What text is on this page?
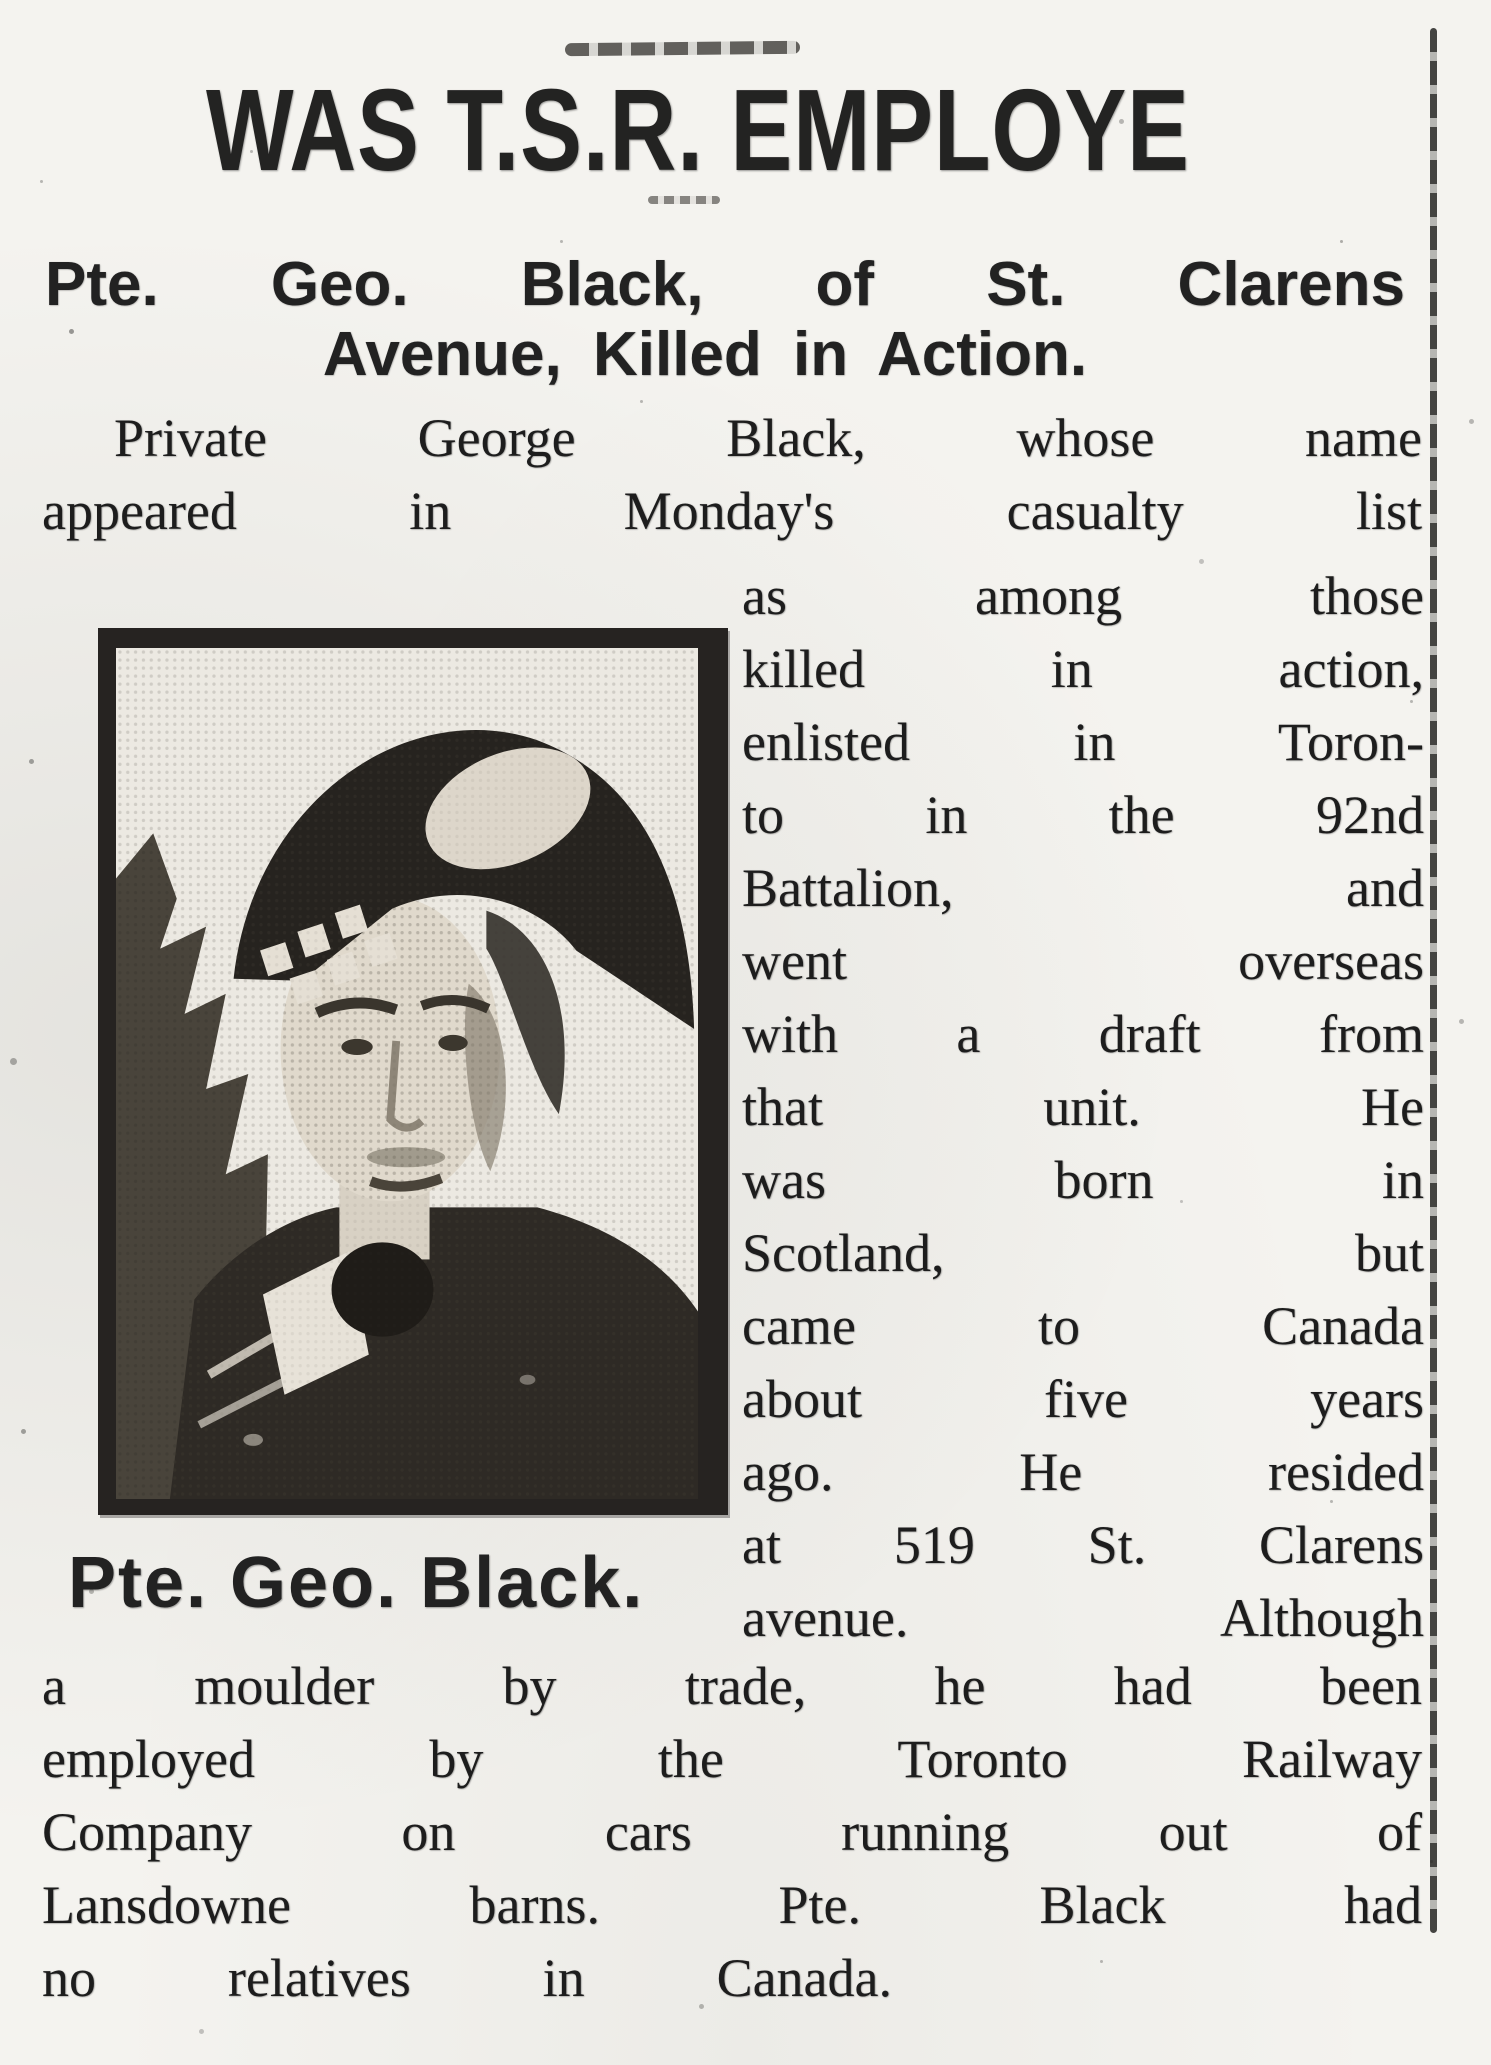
WAS T.S.R. EMPLOYE
Pte. Geo. Black, of St. Clarens
Avenue, Killed in Action.
Private George Black, whose name
appeared in Monday's casualty list
Pte. Geo. Black.
as among those
killed in action,
enlisted in Toron-
to in the 92nd
Battalion, and
went overseas
with a draft from
that unit. He
was born in
Scotland, but
came to Canada
about five years
ago. He resided
at 519 St. Clarens
avenue. Although
a moulder by trade, he had been
employed by the Toronto Railway
Company on cars running out of
Lansdowne barns. Pte. Black had
no relatives in Canada.
